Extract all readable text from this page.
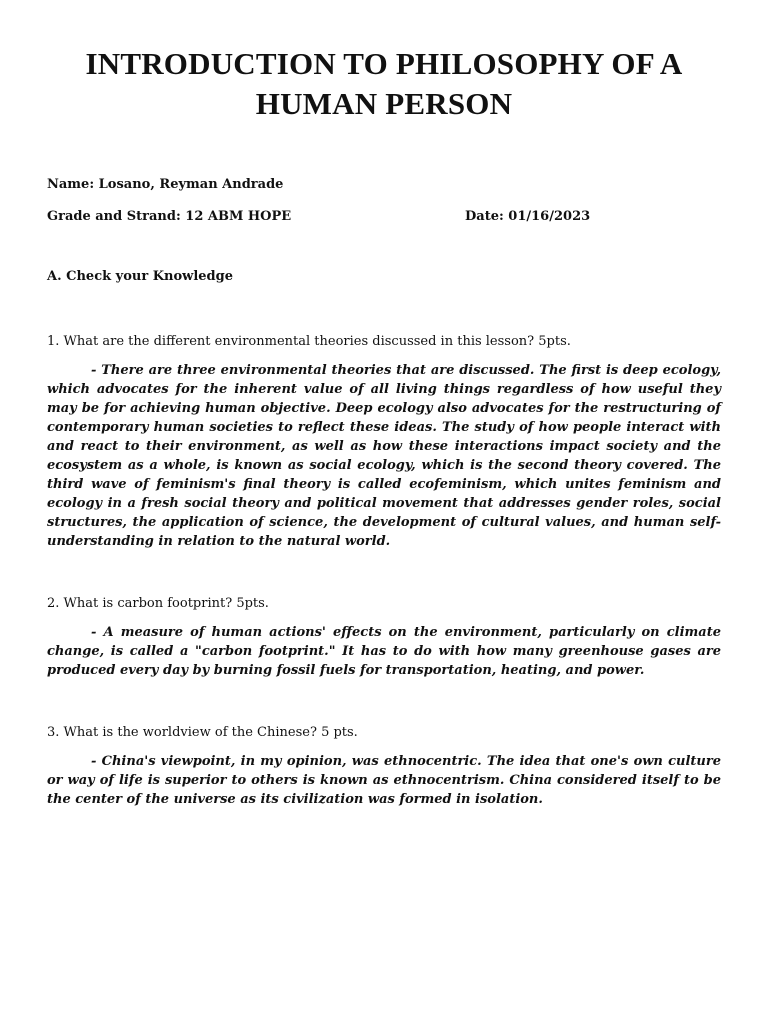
INTRODUCTION TO PHILOSOPHY OF A HUMAN PERSON
Name: Losano, Reyman Andrade
Grade and Strand: 12 ABM HOPE	Date: 01/16/2023
A. Check your Knowledge
1. What are the different environmental theories discussed in this lesson? 5pts.
- There are three environmental theories that are discussed. The first is deep ecology, which advocates for the inherent value of all living things regardless of how useful they may be for achieving human objective. Deep ecology also advocates for the restructuring of contemporary human societies to reflect these ideas. The study of how people interact with and react to their environment, as well as how these interactions impact society and the ecosystem as a whole, is known as social ecology, which is the second theory covered. The third wave of feminism's final theory is called ecofeminism, which unites feminism and ecology in a fresh social theory and political movement that addresses gender roles, social structures, the application of science, the development of cultural values, and human self-understanding in relation to the natural world.
2. What is carbon footprint? 5pts.
- A measure of human actions' effects on the environment, particularly on climate change, is called a "carbon footprint." It has to do with how many greenhouse gases are produced every day by burning fossil fuels for transportation, heating, and power.
3. What is the worldview of the Chinese? 5 pts.
- China's viewpoint, in my opinion, was ethnocentric. The idea that one's own culture or way of life is superior to others is known as ethnocentrism. China considered itself to be the center of the universe as its civilization was formed in isolation.
